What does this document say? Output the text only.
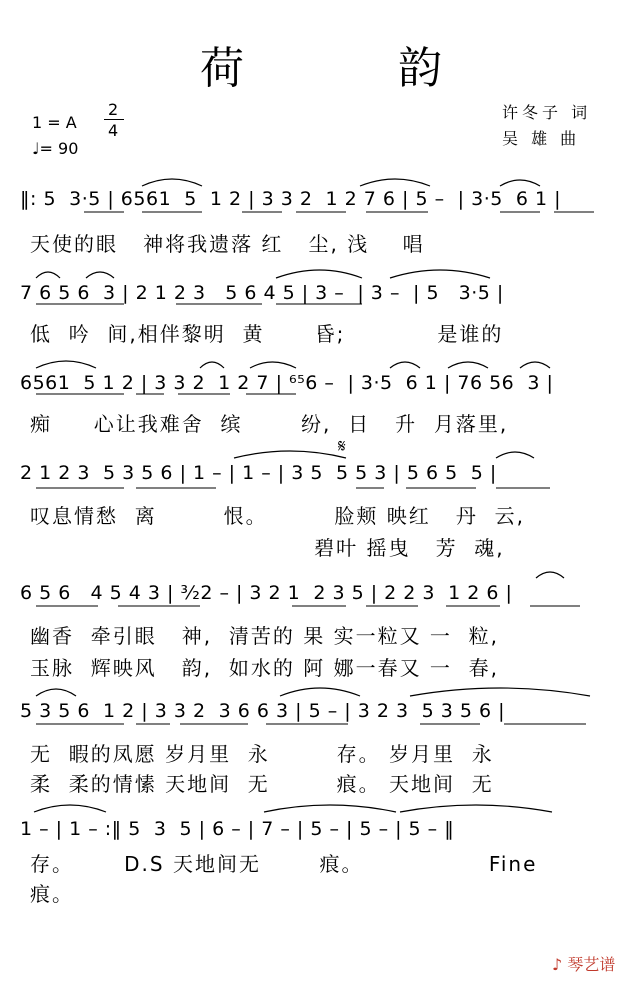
荷 韵
1 = A
2
4
♩= 90
许冬子 词
吴 雄 曲
‖: 5  3·5 | 6561  5  1 2 | 3 3 2  1 2 7 6 | 5 –  | 3·5  6 1 |
天使的眼   神将我遗落 红   尘, 浅    唱
7 6 5 6  3 | 2 1 2 3   5 6 4 5 | 3 –  | 3 –  | 5   3·5 |
低  吟  间,相伴黎明  黄      昏;           是谁的
6561  5 1 2 | 3 3 2  1 2 7 | ⁶⁵6 –  | 3·5  6 1 | 76 56  3 |
痴     心让我难舍  缤       纷,  日   升  月落里,
𝄋
2 1 2 3  5 3 5 6 | 1 – | 1 – | 3 5  5 5 3 | 5 6 5  5 |
叹息情愁  离        恨。        脸颊 映红   丹  云,
碧叶 摇曳   芳  魂,
6 5 6   4 5 4 3 | ³⁄₂2 – | 3 2 1  2 3 5 | 2 2 3  1 2 6 |
幽香  牵引眼   神,  清苦的 果 实一粒又 一  粒,
玉脉  辉映风   韵,  如水的 阿 娜一春又 一  春,
5 3 5 6  1 2 | 3 3 2  3 6 6 3 | 5 – | 3 2 3  5 3 5 6 |
无  暇的凤愿 岁月里  永        存。 岁月里  永
柔  柔的情愫 天地间  无        痕。 天地间  无
1 – | 1 – :‖ 5  3  5 | 6 – | 7 – | 5 – | 5 – | 5 – ‖
存。      D.S 天地间无       痕。               Fine
痕。
♪ 琴艺谱
